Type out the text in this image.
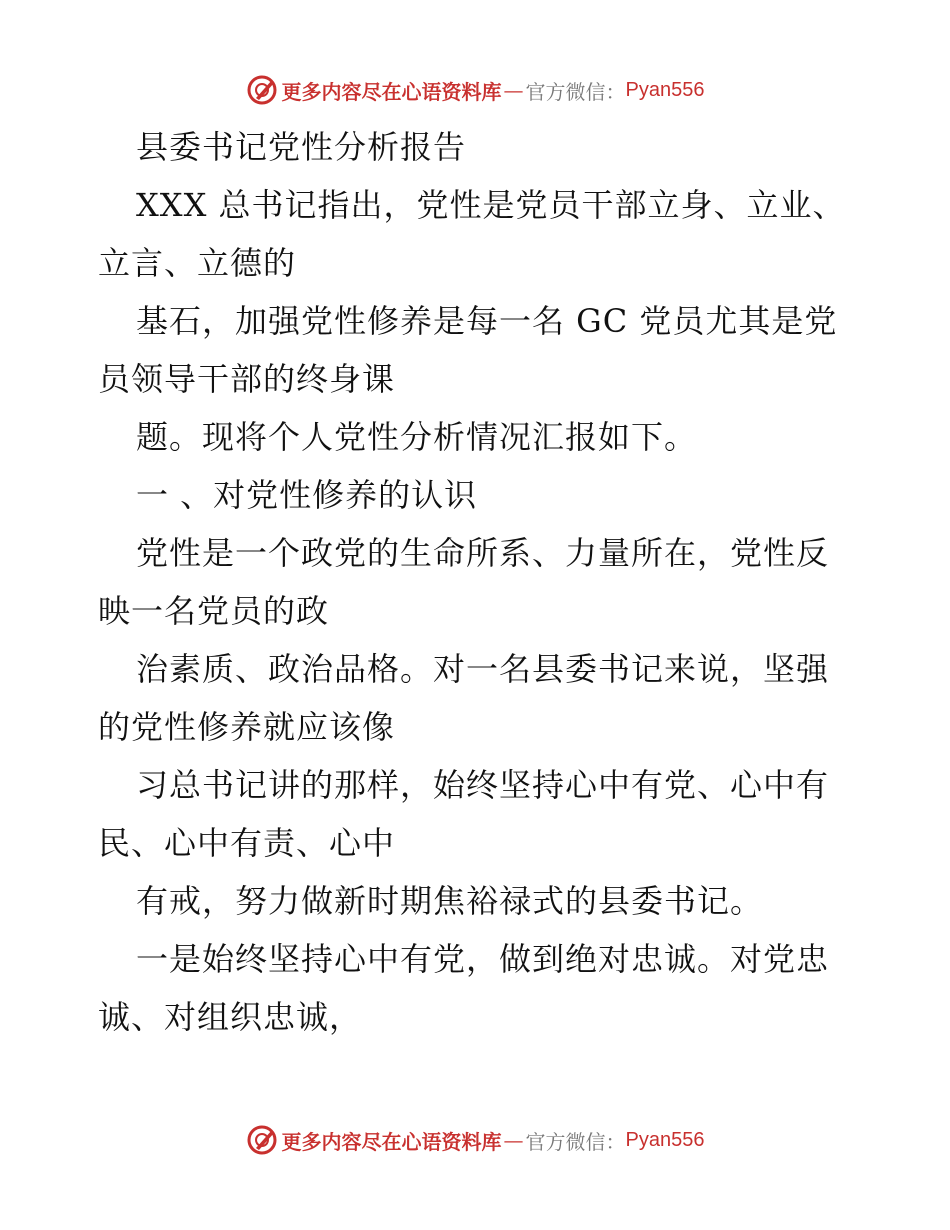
更多内容尽在心语资料库 — 官方微信： Pyan556
县委书记党性分析报告
XXX 总书记指出，党性是党员干部立身、立业、
立言、立德的
基石，加强党性修养是每一名 GC 党员尤其是党
员领导干部的终身课
题。现将个人党性分析情况汇报如下。
一 、对党性修养的认识
党性是一个政党的生命所系、力量所在，党性反
映一名党员的政
治素质、政治品格。对一名县委书记来说，坚强
的党性修养就应该像
习总书记讲的那样，始终坚持心中有党、心中有
民、心中有责、心中
有戒，努力做新时期焦裕禄式的县委书记。
一是始终坚持心中有党，做到绝对忠诚。对党忠
诚、对组织忠诚，
更多内容尽在心语资料库 — 官方微信： Pyan556
